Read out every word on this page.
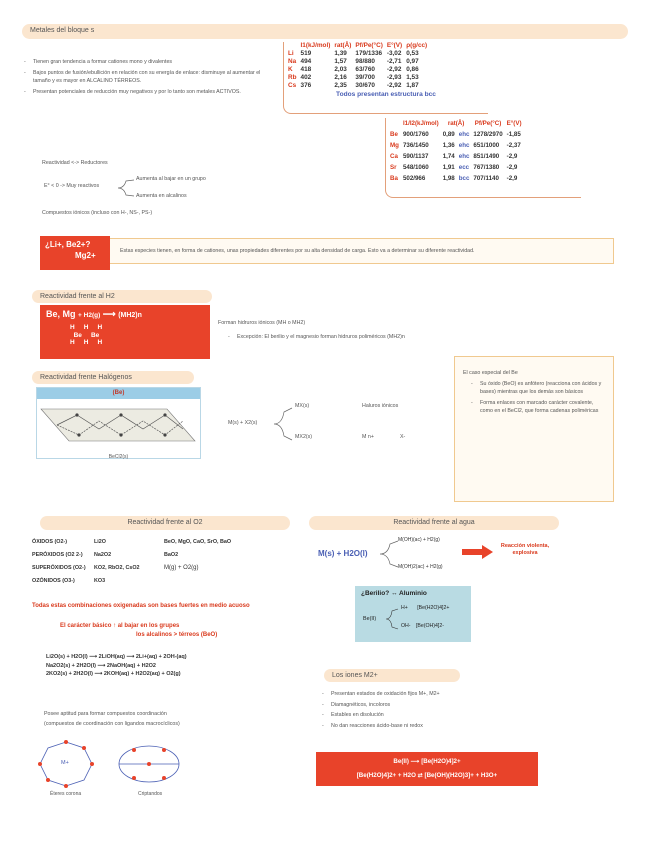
Metales del bloque s
- Tienen gran tendencia a formar cationes mono y divalentes
- Bajos puntos de fusión/ebullición en relación con su energía de enlace: disminuye al aumentar el tamaño y es mayor en ALCALINO TÉRREOS.
- Presentan potenciales de reducción muy negativos y por lo tanto son metales ACTIVOS.
	I1(kJ/mol)	rat(Å)	Pf/Pe(°C)	E°(V)	ρ(g/cc)
Li	519	1,39	179/1336	-3,02	0,53
Na	494	1,57	98/880	-2,71	0,97
K	418	2,03	63/760	-2,92	0,86
Rb	402	2,16	39/700	-2,93	1,53
Cs	376	2,35	30/670	-2,92	1,87
Todos presentan estructura bcc
	I1/I2(kJ/mol)	rat(Å)		Pf/Pe(°C)	E°(V)
Be	900/1760	0,89	ehc	1278/2970	-1,85
Mg	736/1450	1,36	ehc	651/1000	-2,37
Ca	590/1137	1,74	ehc	851/1490	-2,9
Sr	548/1060	1,91	ecc	767/1380	-2,9
Ba	502/966	1,98	bcc	707/1140	-2,9
Reactividad <-> Reductores
E° < 0 -> Muy reactivos
Aumenta al bajar en un grupo
Aumenta en alcalinos
Compuestos iónicos (incluso con H-, NS-, PS-)
¿Li+, Be2+?
Mg2+	Estas especies tienen, en forma de cationes, unas propiedades diferentes por su alta densidad de carga. Esto va a determinar su diferente reactividad.
Reactividad frente al H2
Be, Mg + H2(g) ⟶ (MH2)n
H     H     H
Be     Be
H     H     H
Forman hidruros iónicos (MH o MH2)
- Excepción: El berilio y el magnesio forman hidruros poliméricos (MH2)n
Reactividad frente Halógenos
(Be)
BeCl2(s)
M(s) + X2(s)
MX(s)
MX2(s)
Haluros iónicos
M n+	X-
El caso especial del Be
- Su óxido (BeO) es anfótero (reacciona con ácidos y bases) mientras que los demás son básicos
- Forma enlaces con marcado carácter covalente, como en el BeCl2, que forma cadenas poliméricas
Reactividad frente al O2
ÓXIDOS (O2-)	Li2O	BeO, MgO, CaO, SrO, BaO
PERÓXIDOS (O2 2-) Na2O2	BaO2
SUPERÓXIDOS (O2-) KO2, RbO2, CsO2	M(g) + O2(g)
OZÓNIDOS (O3-)	KO3
Todas estas combinaciones oxigenadas son bases fuertes en medio acuoso
El carácter básico ↑ al bajar en los grupes
los alcalinos > térreos (BeO)
Li2O(s) + H2O(l) ⟶ 2LiOH(aq) ⟶ 2Li+(aq) + 2OH-(aq)
Na2O2(s) + 2H2O(l) ⟶ 2NaOH(aq) + H2O2
2KO2(s) + 2H2O(l) ⟶ 2KOH(aq) + H2O2(aq) + O2(g)
Posee aptitud para formar compuestos coordinación
(compuestos de coordinación con ligandos macrocíclicos)
M+
Éteres corona	Criptandos
Reactividad frente al agua
M(s) + H2O(l)
M(OH)(ac) + H2(g)
M(OH)2(ac) + H2(g)
Reacción violenta, explosiva
¿Berilio? ↔ Aluminio
Be(II)
H+ [Be(H2O)4]2+
OH- [Be(OH)4]2-
Los iones M2+
- Presentan estados de oxidación fijos M+, M2+
- Diamagnéticos, incoloros
- Estables en disolución
- No dan reacciones ácido-base ni redox
Be(II) ⟶ [Be(H2O)4]2+
[Be(H2O)4]2+ + H2O ⇄ [Be(OH)(H2O)3]+ + H3O+
